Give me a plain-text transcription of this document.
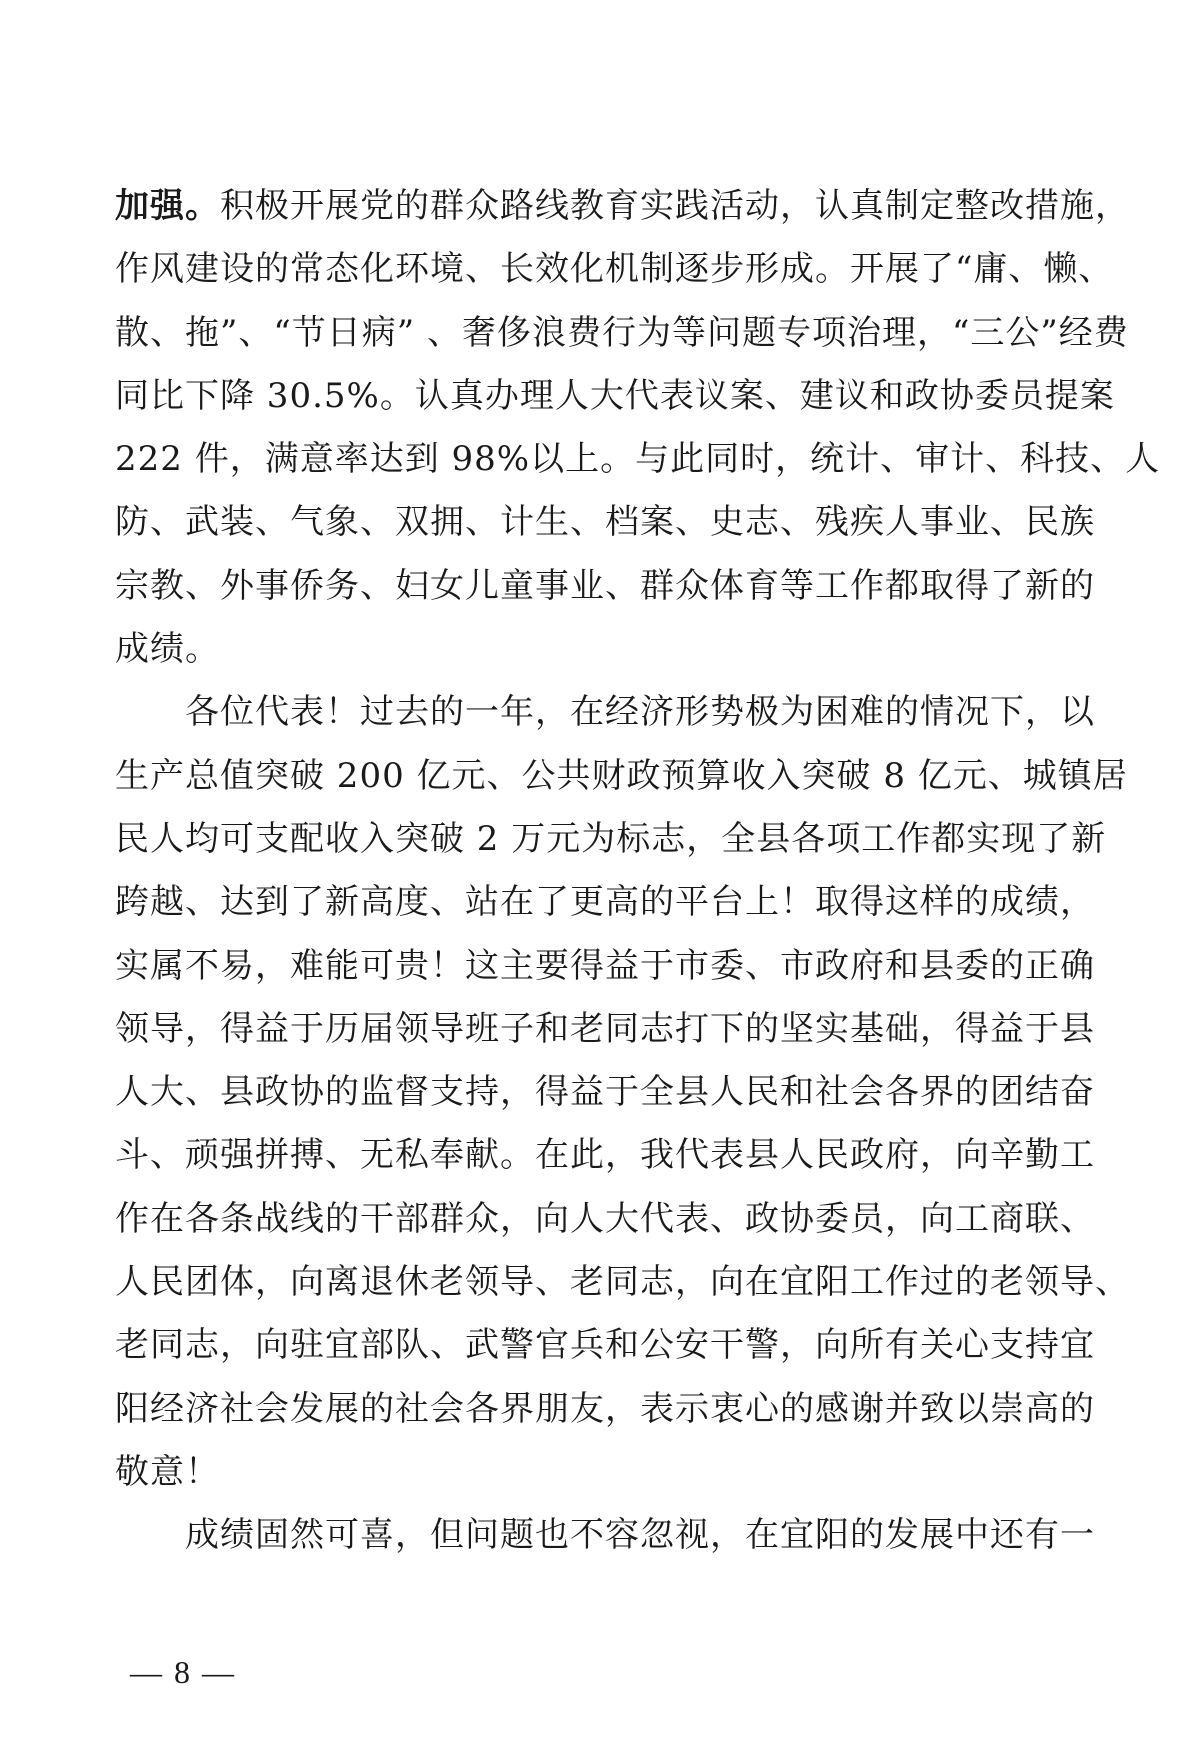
加强。积极开展党的群众路线教育实践活动，认真制定整改措施，
作风建设的常态化环境、长效化机制逐步形成。开展了“庸、懒、
散、拖”、“节日病” 、奢侈浪费行为等问题专项治理，“三公”经费
同比下降 30.5%。认真办理人大代表议案、建议和政协委员提案
222 件，满意率达到 98%以上。与此同时，统计、审计、科技、人
防、武装、气象、双拥、计生、档案、史志、残疾人事业、民族
宗教、外事侨务、妇女儿童事业、群众体育等工作都取得了新的
成绩。
　　各位代表！过去的一年，在经济形势极为困难的情况下，以
生产总值突破 200 亿元、公共财政预算收入突破 8 亿元、城镇居
民人均可支配收入突破 2 万元为标志，全县各项工作都实现了新
跨越、达到了新高度、站在了更高的平台上！取得这样的成绩，
实属不易，难能可贵！这主要得益于市委、市政府和县委的正确
领导，得益于历届领导班子和老同志打下的坚实基础，得益于县
人大、县政协的监督支持，得益于全县人民和社会各界的团结奋
斗、顽强拼搏、无私奉献。在此，我代表县人民政府，向辛勤工
作在各条战线的干部群众，向人大代表、政协委员，向工商联、
人民团体，向离退休老领导、老同志，向在宜阳工作过的老领导、
老同志，向驻宜部队、武警官兵和公安干警，向所有关心支持宜
阳经济社会发展的社会各界朋友，表示衷心的感谢并致以崇高的
敬意！
　　成绩固然可喜，但问题也不容忽视，在宜阳的发展中还有一
— 8 —
